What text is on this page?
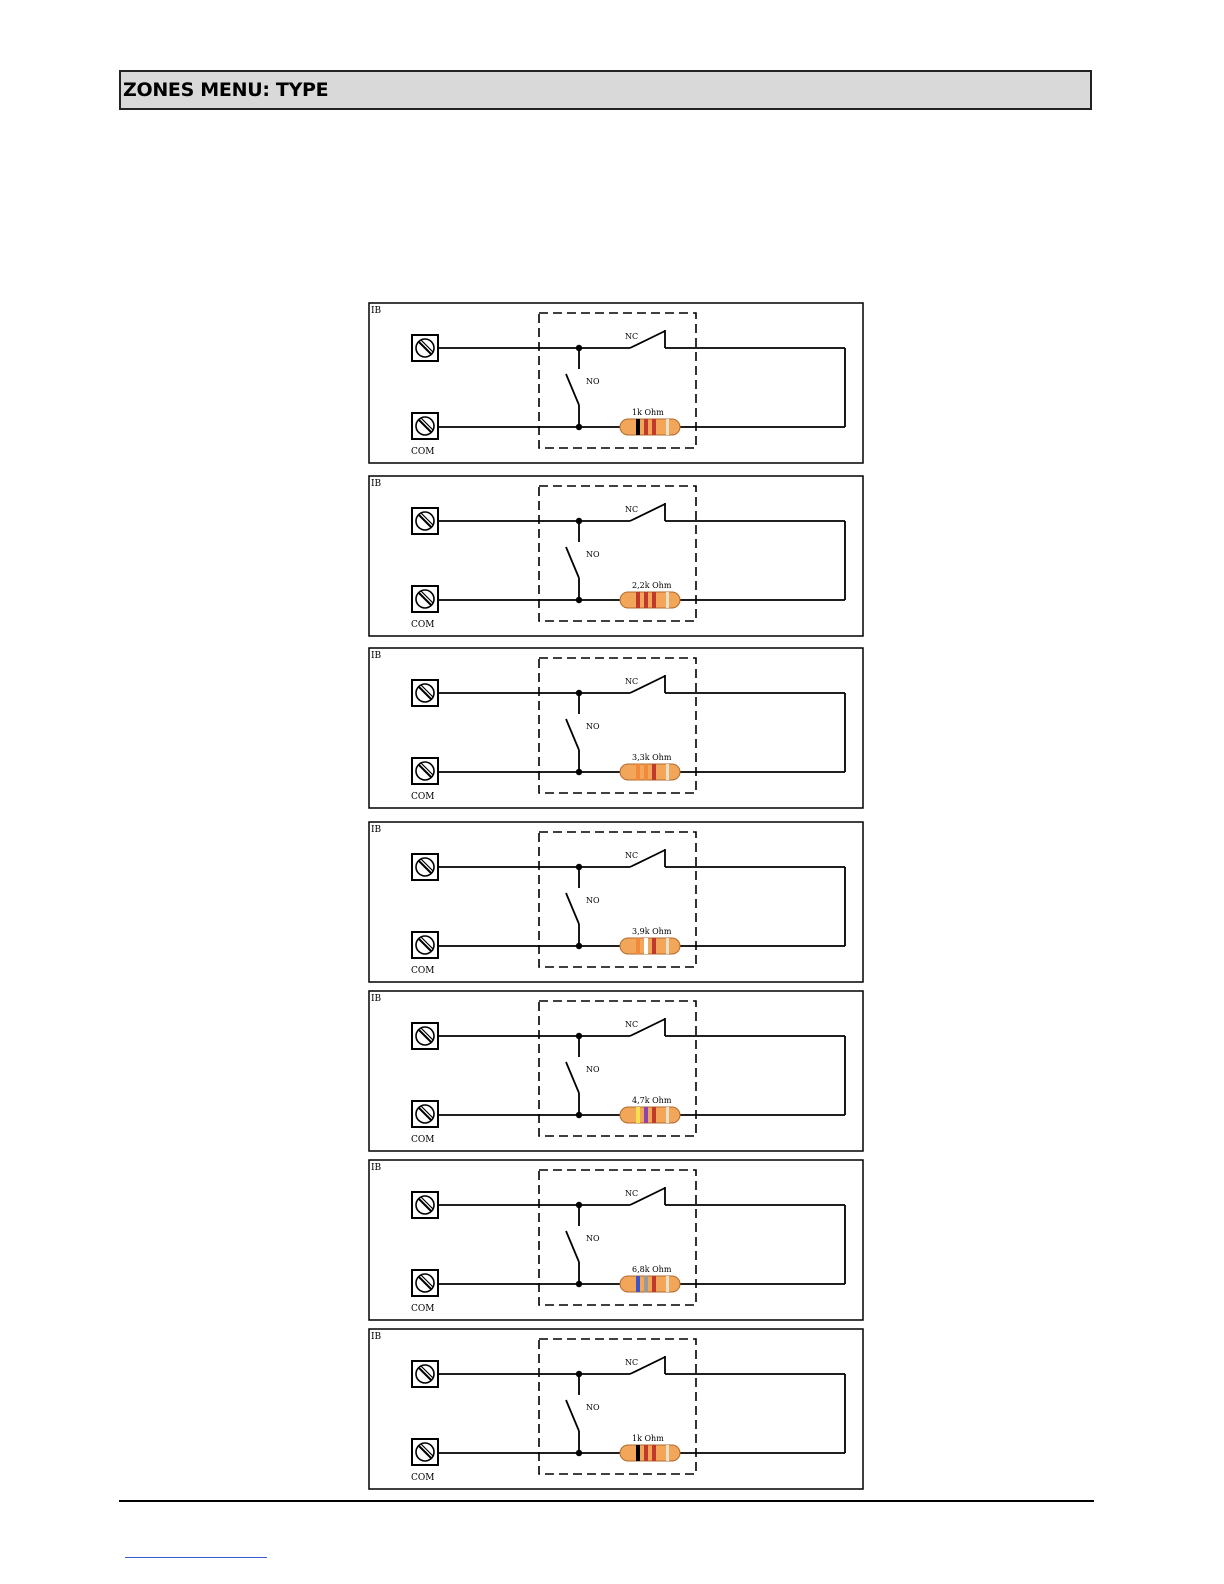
ZONES MENU: TYPE
IB
COM
NC
NO
1k Ohm
IB
COM
NC
NO
2,2k Ohm
IB
COM
NC
NO
3,3k Ohm
IB
COM
NC
NO
3,9k Ohm
IB
COM
NC
NO
4,7k Ohm
IB
COM
NC
NO
6,8k Ohm
IB
COM
NC
NO
1k Ohm
